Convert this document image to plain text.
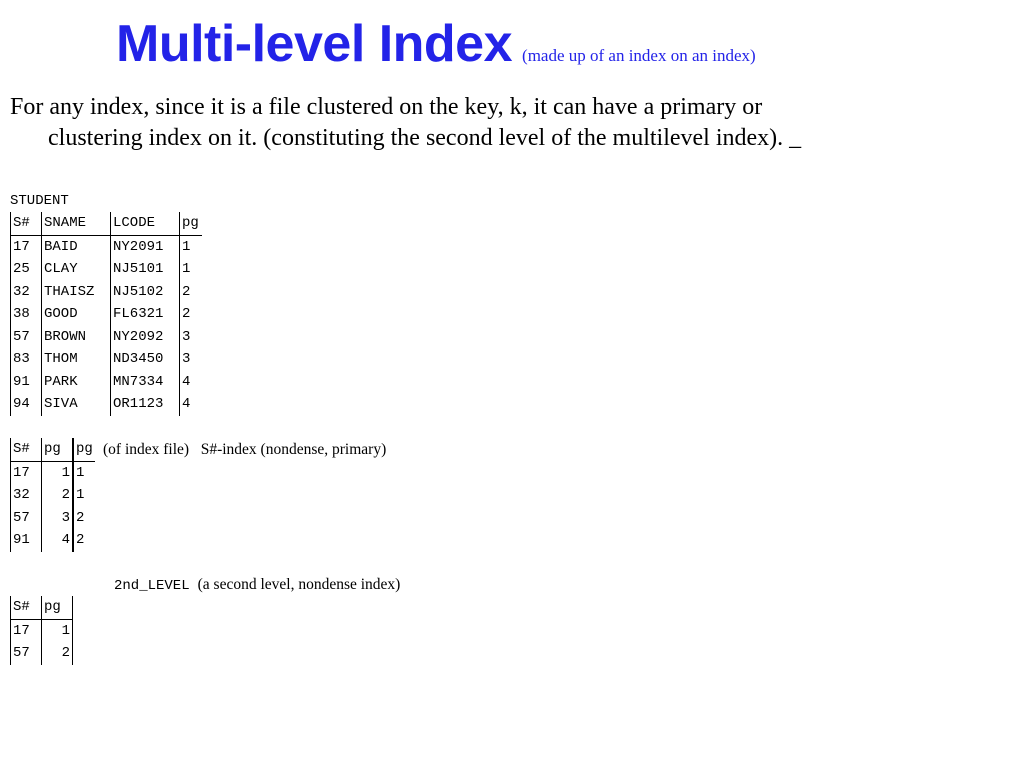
Multi-level Index (made up of an index on an index)
For any index, since it is a file clustered on the key, k, it can have a primary or
clustering index on it. (constituting the second level of the multilevel index). _
STUDENT
S#	SNAME	LCODE	pg
17	BAID	NY2091	1
25	CLAY	NJ5101	1
32	THAISZ	NJ5102	2
38	GOOD	FL6321	2
57	BROWN	NY2092	3
83	THOM	ND3450	3
91	PARK	MN7334	4
94	SIVA	OR1123	4
S#	pg	pg
17	1	1
32	2	1
57	3	2
91	4	2
(of index file) S#-index (nondense, primary)
2nd_LEVEL (a second level, nondense index)
S#	pg
17	1
57	2
